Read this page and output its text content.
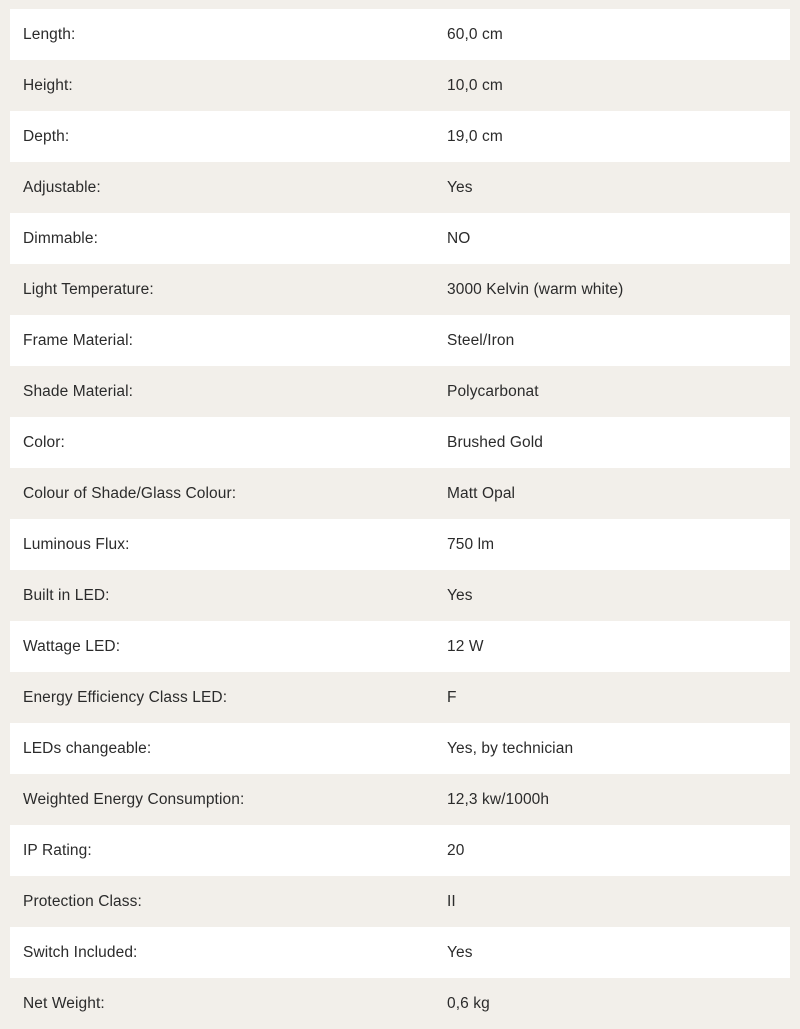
Length:	60,0 cm
Height:	10,0 cm
Depth:	19,0 cm
Adjustable:	Yes
Dimmable:	NO
Light Temperature:	3000 Kelvin (warm white)
Frame Material:	Steel/Iron
Shade Material:	Polycarbonat
Color:	Brushed Gold
Colour of Shade/Glass Colour:	Matt Opal
Luminous Flux:	750 lm
Built in LED:	Yes
Wattage LED:	12 W
Energy Efficiency Class LED:	F
LEDs changeable:	Yes, by technician
Weighted Energy Consumption:	12,3 kw/1000h
IP Rating:	20
Protection Class:	II
Switch Included:	Yes
Net Weight:	0,6 kg
